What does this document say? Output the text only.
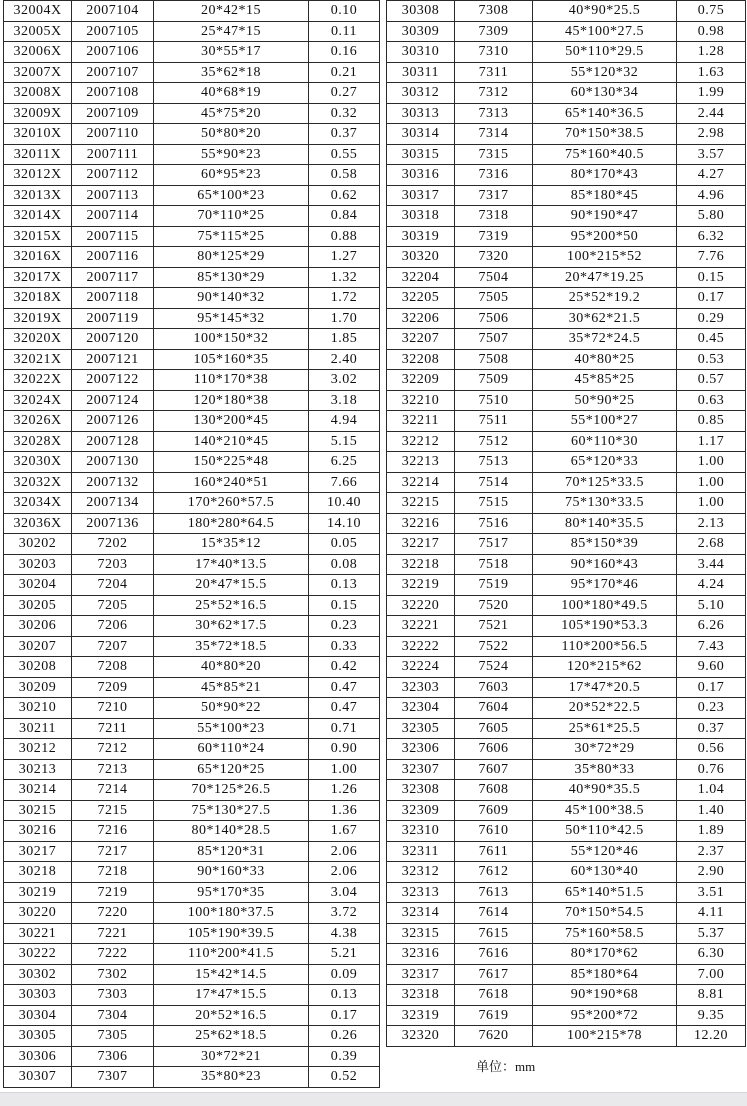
32004X	2007104	20*42*15	0.10
32005X	2007105	25*47*15	0.11
32006X	2007106	30*55*17	0.16
32007X	2007107	35*62*18	0.21
32008X	2007108	40*68*19	0.27
32009X	2007109	45*75*20	0.32
32010X	2007110	50*80*20	0.37
32011X	2007111	55*90*23	0.55
32012X	2007112	60*95*23	0.58
32013X	2007113	65*100*23	0.62
32014X	2007114	70*110*25	0.84
32015X	2007115	75*115*25	0.88
32016X	2007116	80*125*29	1.27
32017X	2007117	85*130*29	1.32
32018X	2007118	90*140*32	1.72
32019X	2007119	95*145*32	1.70
32020X	2007120	100*150*32	1.85
32021X	2007121	105*160*35	2.40
32022X	2007122	110*170*38	3.02
32024X	2007124	120*180*38	3.18
32026X	2007126	130*200*45	4.94
32028X	2007128	140*210*45	5.15
32030X	2007130	150*225*48	6.25
32032X	2007132	160*240*51	7.66
32034X	2007134	170*260*57.5	10.40
32036X	2007136	180*280*64.5	14.10
30202	7202	15*35*12	0.05
30203	7203	17*40*13.5	0.08
30204	7204	20*47*15.5	0.13
30205	7205	25*52*16.5	0.15
30206	7206	30*62*17.5	0.23
30207	7207	35*72*18.5	0.33
30208	7208	40*80*20	0.42
30209	7209	45*85*21	0.47
30210	7210	50*90*22	0.47
30211	7211	55*100*23	0.71
30212	7212	60*110*24	0.90
30213	7213	65*120*25	1.00
30214	7214	70*125*26.5	1.26
30215	7215	75*130*27.5	1.36
30216	7216	80*140*28.5	1.67
30217	7217	85*120*31	2.06
30218	7218	90*160*33	2.06
30219	7219	95*170*35	3.04
30220	7220	100*180*37.5	3.72
30221	7221	105*190*39.5	4.38
30222	7222	110*200*41.5	5.21
30302	7302	15*42*14.5	0.09
30303	7303	17*47*15.5	0.13
30304	7304	20*52*16.5	0.17
30305	7305	25*62*18.5	0.26
30306	7306	30*72*21	0.39
30307	7307	35*80*23	0.52
30308	7308	40*90*25.5	0.75
30309	7309	45*100*27.5	0.98
30310	7310	50*110*29.5	1.28
30311	7311	55*120*32	1.63
30312	7312	60*130*34	1.99
30313	7313	65*140*36.5	2.44
30314	7314	70*150*38.5	2.98
30315	7315	75*160*40.5	3.57
30316	7316	80*170*43	4.27
30317	7317	85*180*45	4.96
30318	7318	90*190*47	5.80
30319	7319	95*200*50	6.32
30320	7320	100*215*52	7.76
32204	7504	20*47*19.25	0.15
32205	7505	25*52*19.2	0.17
32206	7506	30*62*21.5	0.29
32207	7507	35*72*24.5	0.45
32208	7508	40*80*25	0.53
32209	7509	45*85*25	0.57
32210	7510	50*90*25	0.63
32211	7511	55*100*27	0.85
32212	7512	60*110*30	1.17
32213	7513	65*120*33	1.00
32214	7514	70*125*33.5	1.00
32215	7515	75*130*33.5	1.00
32216	7516	80*140*35.5	2.13
32217	7517	85*150*39	2.68
32218	7518	90*160*43	3.44
32219	7519	95*170*46	4.24
32220	7520	100*180*49.5	5.10
32221	7521	105*190*53.3	6.26
32222	7522	110*200*56.5	7.43
32224	7524	120*215*62	9.60
32303	7603	17*47*20.5	0.17
32304	7604	20*52*22.5	0.23
32305	7605	25*61*25.5	0.37
32306	7606	30*72*29	0.56
32307	7607	35*80*33	0.76
32308	7608	40*90*35.5	1.04
32309	7609	45*100*38.5	1.40
32310	7610	50*110*42.5	1.89
32311	7611	55*120*46	2.37
32312	7612	60*130*40	2.90
32313	7613	65*140*51.5	3.51
32314	7614	70*150*54.5	4.11
32315	7615	75*160*58.5	5.37
32316	7616	80*170*62	6.30
32317	7617	85*180*64	7.00
32318	7618	90*190*68	8.81
32319	7619	95*200*72	9.35
32320	7620	100*215*78	12.20
单位：mm
